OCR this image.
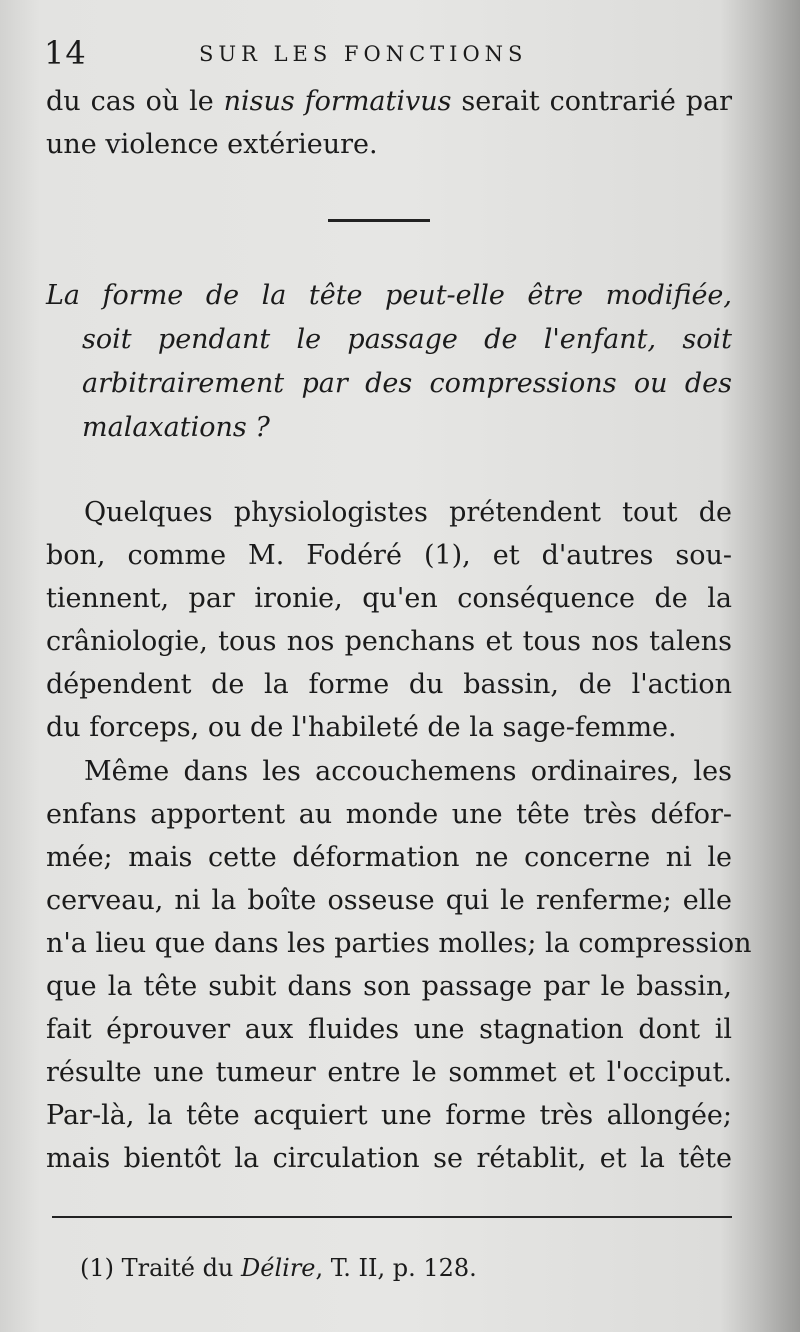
14	SUR LES FONCTIONS

du cas où le nisus formativus serait contrarié par
une violence extérieure.

La forme de la tête peut-elle être modifiée,
soit pendant le passage de l'enfant, soit
arbitrairement par des compressions ou des
malaxations ?

Quelques physiologistes prétendent tout de
bon, comme M. Fodéré (1), et d'autres sou-
tiennent, par ironie, qu'en conséquence de la
crâniologie, tous nos penchans et tous nos talens
dépendent de la forme du bassin, de l'action
du forceps, ou de l'habileté de la sage-femme.

Même dans les accouchemens ordinaires, les
enfans apportent au monde une tête très défor-
mée; mais cette déformation ne concerne ni le
cerveau, ni la boîte osseuse qui le renferme; elle
n'a lieu que dans les parties molles; la compression
que la tête subit dans son passage par le bassin,
fait éprouver aux fluides une stagnation dont il
résulte une tumeur entre le sommet et l'occiput.
Par-là, la tête acquiert une forme très allongée;
mais bientôt la circulation se rétablit, et la tête

(1) Traité du Délire, T. II, p. 128.
